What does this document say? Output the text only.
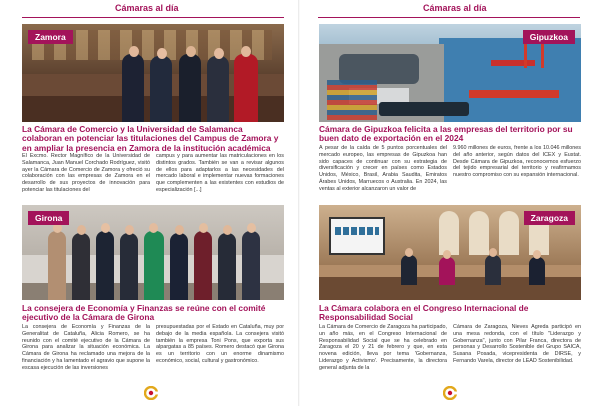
Cámaras al día
Zamora
La Cámara de Comercio y la Universidad de Salamanca colaboran en potenciar las titulaciones del Campus de Zamora y en ampliar la presencia en Zamora de la institución académica
El Excmo. Rector Magnífico de la Universidad de Salamanca, Juan Manuel Corchado Rodríguez, visitó ayer la Cámara de Comercio de Zamora y ofreció su colaboración con las empresas de Zamora en el desarrollo de sus proyectos de innovación para potenciar las titulaciones del
campus y para aumentar las matriculaciones en los distintos grados. También se van a revisar algunos de ellos para adaptarlos a las necesidades del mercado laboral e implementar nuevas formaciones que complementen a las existentes con estudios de especialización [...]
Girona
La consejera de Economía y Finanzas se reúne con el comité ejecutivo de la Cámara de Girona
La consejera de Economía y Finanzas de la Generalitat de Cataluña, Alicia Romero, se ha reunido con el comité ejecutivo de la Cámara de Girona para analizar la situación económica. La Cámara de Girona ha reclamado una mejora de la financiación y ha lamentado el agravio que supone la escasa ejecución de las inversiones
presupuestadas por el Estado en Cataluña, muy por debajo de la media española. La consejera visitó también la empresa Toni Pons, que exporta sus alpargatas a 85 países. Romero destacó que Girona es un territorio con un enorme dinamismo económico, social, cultural y gastronómico.
Cámaras al día
Gipuzkoa
Cámara de Gipuzkoa felicita a las empresas del territorio por su buen dato de exportación en el 2024
A pesar de la caída de 5 puntos porcentuales del mercado europeo, las empresas de Gipuzkoa han sido capaces de continuar con su estrategia de diversificación y crecer en países como Estados Unidos, México, Brasil, Arabia Saudita, Emiratos Árabes Unidos, Marruecos o Australia. En 2024, las ventas al exterior alcanzaron un valor de
9.960 millones de euros, frente a los 10.046 millones del año anterior, según datos del ICEX y Eustat. Desde Cámara de Gipuzkoa, reconocemos esfuerzo del tejido empresarial del territorio y reafirmamos nuestro compromiso con su expansión internacional.
Zaragoza
La Cámara colabora en el Congreso Internacional de Responsabilidad Social
La Cámara de Comercio de Zaragoza ha participado, un año más, en el Congreso Internacional de Responsabilidad Social que se ha celebrado en Zaragoza el 20 y 21 de febrero y que, en esta novena edición, lleva por tema 'Gobernanza, Liderazgo y Activismo'. Precisamente, la directora general adjunta de la
Cámara de Zaragoza, Nieves Ágreda participó en una mesa redonda, con el título "Liderazgo y Gobernanza", junto con Pilar Franca, directora de personas y Desarrollo Sostenible del Grupo SAICA, Susana Posada, vicepresidenta de DIRSE, y Fernando Varela, director de LEAD Sostenibilidad.
